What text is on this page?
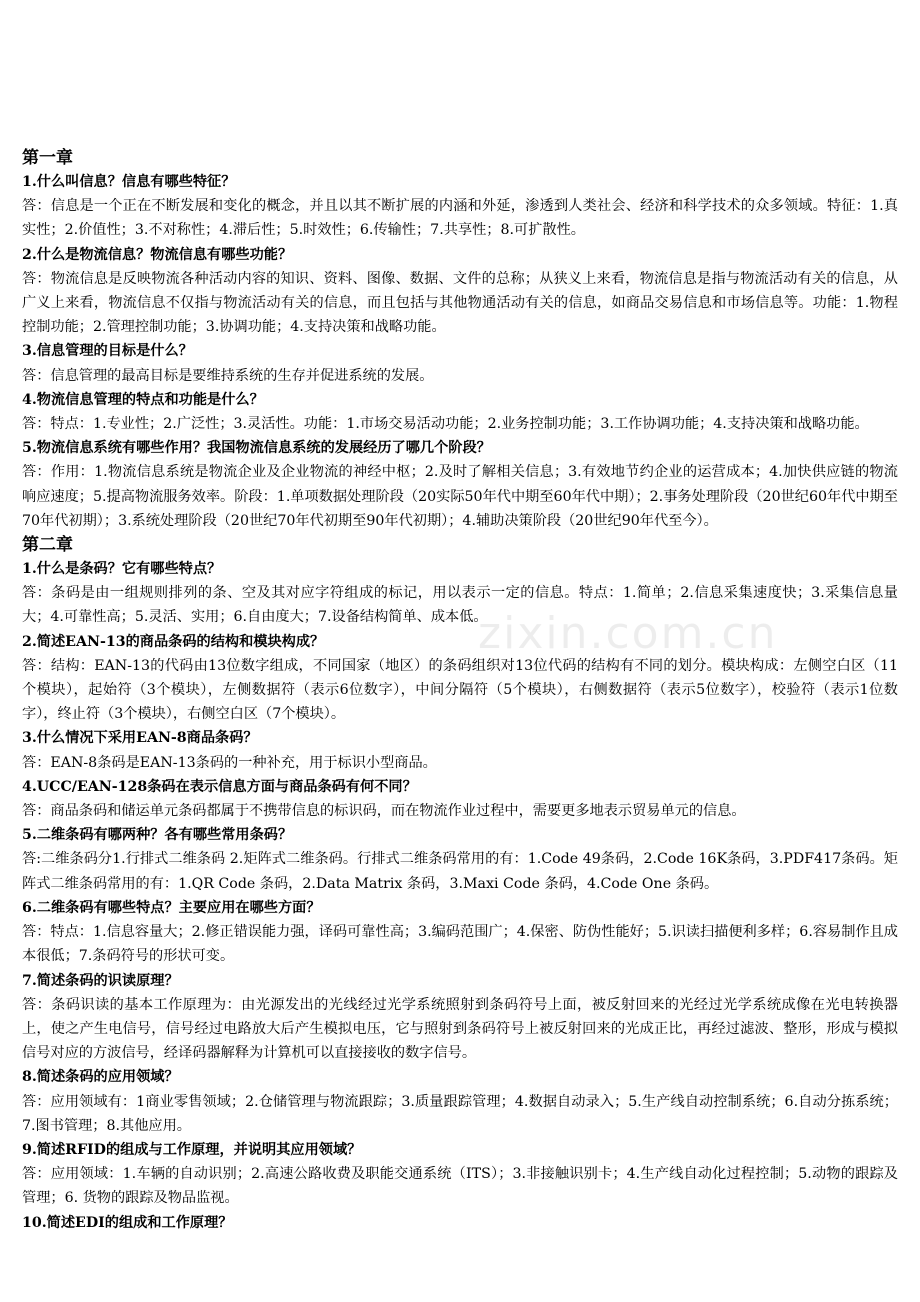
zixin.com.cn

第一章

1.什么叫信息？信息有哪些特征？

答：信息是一个正在不断发展和变化的概念，并且以其不断扩展的内涵和外延，渗透到人类社会、经济和科学技术的众多领域。特征：1.真实性；2.价值性；3.不对称性；4.滞后性；5.时效性；6.传输性；7.共享性；8.可扩散性。

2.什么是物流信息？物流信息有哪些功能？

答：物流信息是反映物流各种活动内容的知识、资料、图像、数据、文件的总称；从狭义上来看，物流信息是指与物流活动有关的信息，从广义上来看，物流信息不仅指与物流活动有关的信息，而且包括与其他物通活动有关的信息，如商品交易信息和市场信息等。功能：1.物程控制功能；2.管理控制功能；3.协调功能；4.支持决策和战略功能。

3.信息管理的目标是什么？

答：信息管理的最高目标是要维持系统的生存并促进系统的发展。

4.物流信息管理的特点和功能是什么？

答：特点：1.专业性；2.广泛性；3.灵活性。功能：1.市场交易活动功能；2.业务控制功能；3.工作协调功能；4.支持决策和战略功能。

5.物流信息系统有哪些作用？我国物流信息系统的发展经历了哪几个阶段？

答：作用：1.物流信息系统是物流企业及企业物流的神经中枢；2.及时了解相关信息；3.有效地节约企业的运营成本；4.加快供应链的物流响应速度；5.提高物流服务效率。阶段：1.单项数据处理阶段（20实际50年代中期至60年代中期）；2.事务处理阶段（20世纪60年代中期至70年代初期）；3.系统处理阶段（20世纪70年代初期至90年代初期）；4.辅助决策阶段（20世纪90年代至今）。

第二章

1.什么是条码？它有哪些特点？

答：条码是由一组规则排列的条、空及其对应字符组成的标记，用以表示一定的信息。特点：1.简单；2.信息采集速度快；3.采集信息量大；4.可靠性高；5.灵活、实用；6.自由度大；7.设备结构简单、成本低。

2.简述EAN-13的商品条码的结构和模块构成？

答：结构：EAN-13的代码由13位数字组成，不同国家（地区）的条码组织对13位代码的结构有不同的划分。模块构成：左侧空白区（11个模块），起始符（3个模块），左侧数据符（表示6位数字），中间分隔符（5个模块），右侧数据符（表示5位数字），校验符（表示1位数字），终止符（3个模块），右侧空白区（7个模块）。

3.什么情况下采用EAN-8商品条码？

答：EAN-8条码是EAN-13条码的一种补充，用于标识小型商品。

4.UCC/EAN-128条码在表示信息方面与商品条码有何不同？

答：商品条码和储运单元条码都属于不携带信息的标识码，而在物流作业过程中，需要更多地表示贸易单元的信息。

5.二维条码有哪两种？各有哪些常用条码？

答:二维条码分1.行排式二维条码 2.矩阵式二维条码。行排式二维条码常用的有：1.Code 49条码，2.Code 16K条码，3.PDF417条码。矩阵式二维条码常用的有：1.QR Code 条码，2.Data Matrix 条码，3.Maxi Code 条码，4.Code One 条码。

6.二维条码有哪些特点？主要应用在哪些方面？

答：特点：1.信息容量大；2.修正错误能力强，译码可靠性高；3.编码范围广；4.保密、防伪性能好；5.识读扫描便利多样；6.容易制作且成本很低；7.条码符号的形状可变。

7.简述条码的识读原理？

答：条码识读的基本工作原理为：由光源发出的光线经过光学系统照射到条码符号上面，被反射回来的光经过光学系统成像在光电转换器上，使之产生电信号，信号经过电路放大后产生模拟电压，它与照射到条码符号上被反射回来的光成正比，再经过滤波、整形，形成与模拟信号对应的方波信号，经译码器解释为计算机可以直接接收的数字信号。

8.简述条码的应用领域？

答：应用领域有：1商业零售领域；2.仓储管理与物流跟踪；3.质量跟踪管理；4.数据自动录入；5.生产线自动控制系统；6.自动分拣系统；7.图书管理；8.其他应用。

9.简述RFID的组成与工作原理，并说明其应用领域？

答：应用领域：1.车辆的自动识别；2.高速公路收费及职能交通系统（ITS）；3.非接触识别卡；4.生产线自动化过程控制；5.动物的跟踪及管理；6. 货物的跟踪及物品监视。

10.简述EDI的组成和工作原理？
